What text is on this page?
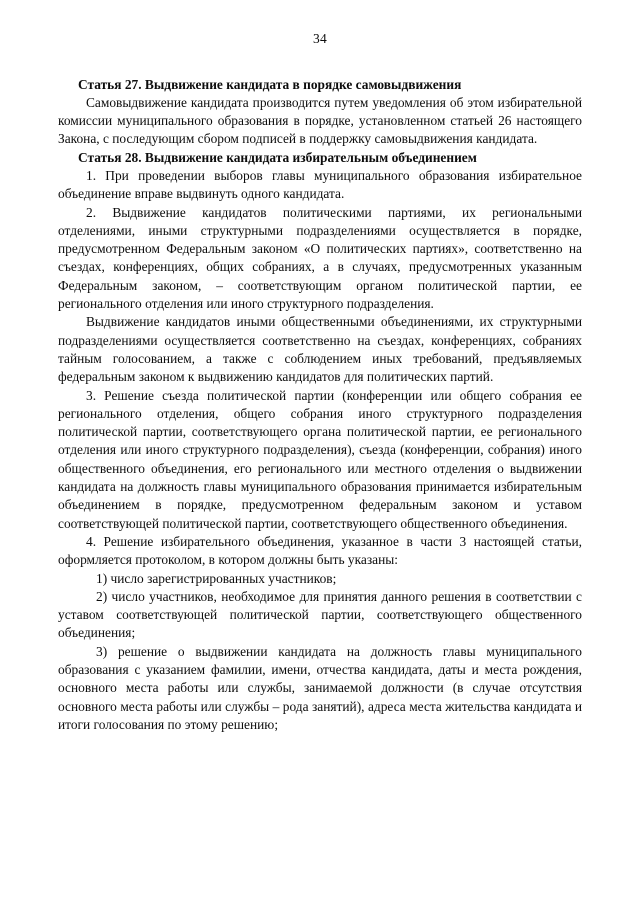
34
Статья 27. Выдвижение кандидата в порядке самовыдвижения

Самовыдвижение кандидата производится путем уведомления об этом избирательной комиссии муниципального образования в порядке, установленном статьей 26 настоящего Закона, с последующим сбором подписей в поддержку самовыдвижения кандидата.

Статья 28. Выдвижение кандидата избирательным объединением

1. При проведении выборов главы муниципального образования избирательное объединение вправе выдвинуть одного кандидата.

2. Выдвижение кандидатов политическими партиями, их региональными отделениями, иными структурными подразделениями осуществляется в порядке, предусмотренном Федеральным законом «О политических партиях», соответственно на съездах, конференциях, общих собраниях, а в случаях, предусмотренных указанным Федеральным законом, – соответствующим органом политической партии, ее регионального отделения или иного структурного подразделения.

Выдвижение кандидатов иными общественными объединениями, их структурными подразделениями осуществляется соответственно на съездах, конференциях, собраниях тайным голосованием, а также с соблюдением иных требований, предъявляемых федеральным законом к выдвижению кандидатов для политических партий.

3. Решение съезда политической партии (конференции или общего собрания ее регионального отделения, общего собрания иного структурного подразделения политической партии, соответствующего органа политической партии, ее регионального отделения или иного структурного подразделения), съезда (конференции, собрания) иного общественного объединения, его регионального или местного отделения о выдвижении кандидата на должность главы муниципального образования принимается избирательным объединением в порядке, предусмотренном федеральным законом и уставом соответствующей политической партии, соответствующего общественного объединения.

4. Решение избирательного объединения, указанное в части 3 настоящей статьи, оформляется протоколом, в котором должны быть указаны:

1) число зарегистрированных участников;

2) число участников, необходимое для принятия данного решения в соответствии с уставом соответствующей политической партии, соответствующего общественного объединения;

3) решение о выдвижении кандидата на должность главы муниципального образования с указанием фамилии, имени, отчества кандидата, даты и места рождения, основного места работы или службы, занимаемой должности (в случае отсутствия основного места работы или службы – рода занятий), адреса места жительства кандидата и итоги голосования по этому решению;
